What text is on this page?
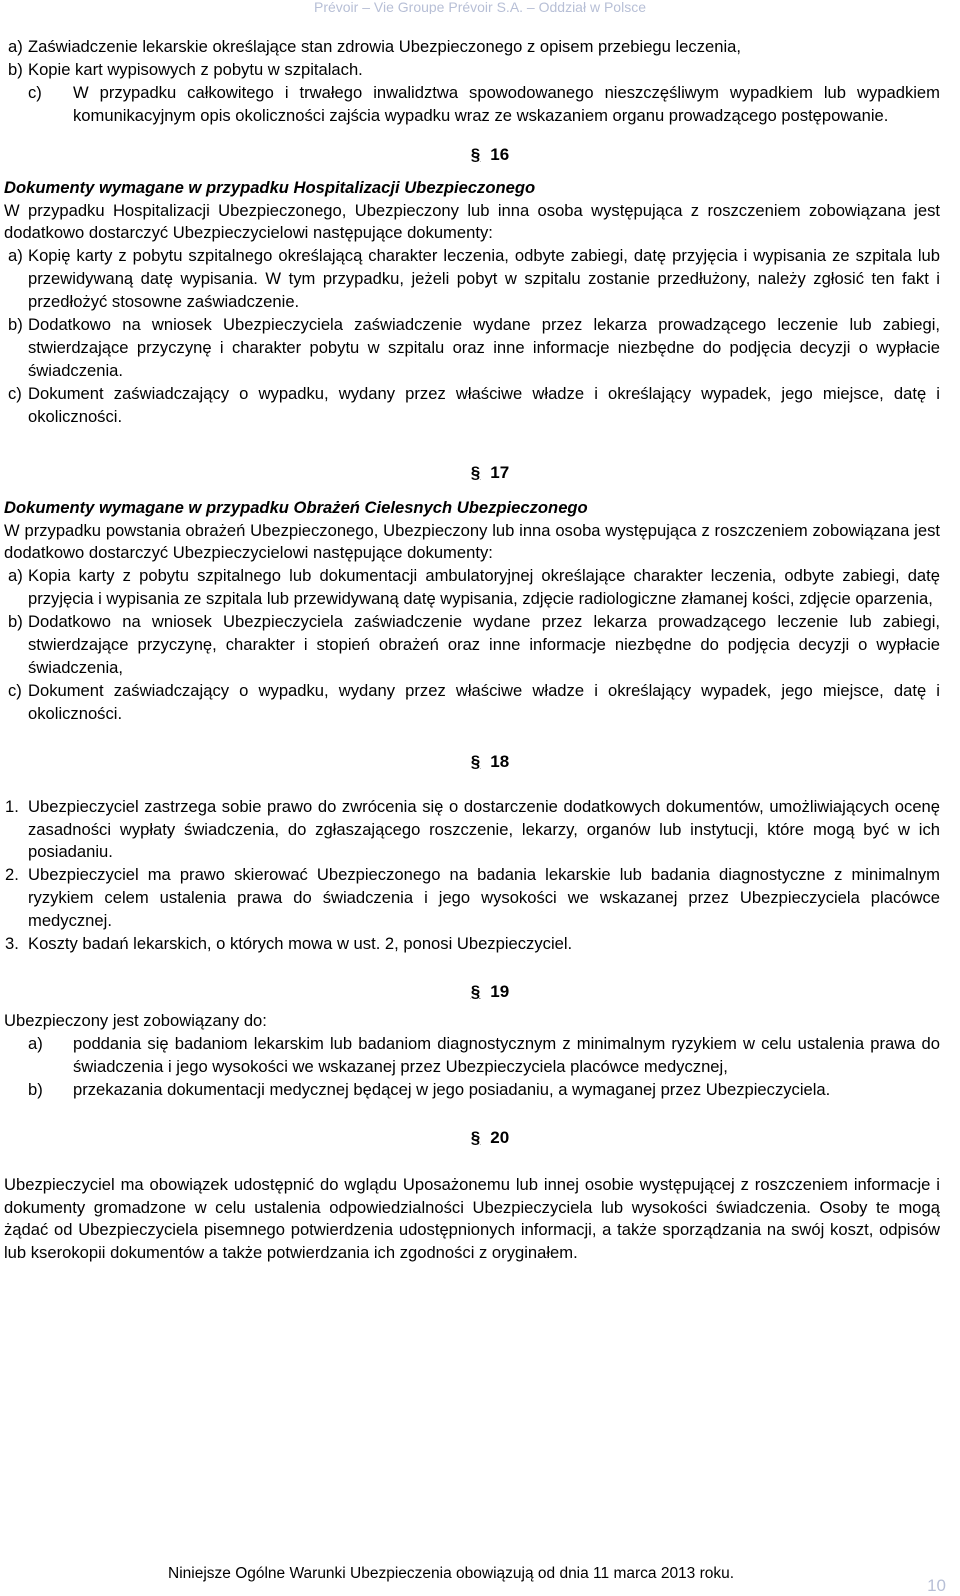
Prévoir – Vie Groupe Prévoir S.A. – Oddział w Polsce
a) Zaświadczenie lekarskie określające stan zdrowia Ubezpieczonego z opisem przebiegu leczenia,
b) Kopie kart wypisowych z pobytu w szpitalach.
c) W przypadku całkowitego i trwałego inwalidztwa spowodowanego nieszczęśliwym wypadkiem lub wypadkiem komunikacyjnym opis okoliczności zajścia wypadku wraz ze wskazaniem organu prowadzącego postępowanie.
§ 16
Dokumenty wymagane w przypadku Hospitalizacji Ubezpieczonego
W przypadku Hospitalizacji Ubezpieczonego, Ubezpieczony lub inna osoba występująca z roszczeniem zobowiązana jest dodatkowo dostarczyć Ubezpieczycielowi następujące dokumenty:
a) Kopię karty z pobytu szpitalnego określającą charakter leczenia, odbyte zabiegi, datę przyjęcia i wypisania ze szpitala lub przewidywaną datę wypisania. W tym przypadku, jeżeli pobyt w szpitalu zostanie przedłużony, należy zgłosić ten fakt i przedłożyć stosowne zaświadczenie.
b) Dodatkowo na wniosek Ubezpieczyciela zaświadczenie wydane przez lekarza prowadzącego leczenie lub zabiegi, stwierdzające przyczynę i charakter pobytu w szpitalu oraz inne informacje niezbędne do podjęcia decyzji o wypłacie świadczenia.
c) Dokument zaświadczający o wypadku, wydany przez właściwe władze i określający wypadek, jego miejsce, datę i okoliczności.
§ 17
Dokumenty wymagane w przypadku Obrażeń Cielesnych Ubezpieczonego
W przypadku powstania obrażeń Ubezpieczonego, Ubezpieczony lub inna osoba występująca z roszczeniem zobowiązana jest dodatkowo dostarczyć Ubezpieczycielowi następujące dokumenty:
a) Kopia karty z pobytu szpitalnego lub dokumentacji ambulatoryjnej określające charakter leczenia, odbyte zabiegi, datę przyjęcia i wypisania ze szpitala lub przewidywaną datę wypisania, zdjęcie radiologiczne złamanej kości, zdjęcie oparzenia,
b) Dodatkowo na wniosek Ubezpieczyciela zaświadczenie wydane przez lekarza prowadzącego leczenie lub zabiegi, stwierdzające przyczynę, charakter i stopień obrażeń oraz inne informacje niezbędne do podjęcia decyzji o wypłacie świadczenia,
c) Dokument zaświadczający o wypadku, wydany przez właściwe władze i określający wypadek, jego miejsce, datę i okoliczności.
§ 18
1. Ubezpieczyciel zastrzega sobie prawo do zwrócenia się o dostarczenie dodatkowych dokumentów, umożliwiających ocenę zasadności wypłaty świadczenia, do zgłaszającego roszczenie, lekarzy, organów lub instytucji, które mogą być w ich posiadaniu.
2. Ubezpieczyciel ma prawo skierować Ubezpieczonego na badania lekarskie lub badania diagnostyczne z minimalnym ryzykiem celem ustalenia prawa do świadczenia i jego wysokości we wskazanej przez Ubezpieczyciela placówce medycznej.
3. Koszty badań lekarskich, o których mowa w ust. 2, ponosi Ubezpieczyciel.
§ 19
Ubezpieczony jest zobowiązany do:
a) poddania się badaniom lekarskim lub badaniom diagnostycznym z minimalnym ryzykiem w celu ustalenia prawa do świadczenia i jego wysokości we wskazanej przez Ubezpieczyciela placówce medycznej,
b) przekazania dokumentacji medycznej będącej w jego posiadaniu, a wymaganej przez Ubezpieczyciela.
§ 20
Ubezpieczyciel ma obowiązek udostępnić do wglądu Uposażonemu lub innej osobie występującej z roszczeniem informacje i dokumenty gromadzone w celu ustalenia odpowiedzialności Ubezpieczyciela lub wysokości świadczenia. Osoby te mogą żądać od Ubezpieczyciela pisemnego potwierdzenia udostępnionych informacji, a także sporządzania na swój koszt, odpisów lub kserokopii dokumentów a także potwierdzania ich zgodności z oryginałem.
Niniejsze Ogólne Warunki Ubezpieczenia obowiązują od dnia 11 marca 2013 roku.
10
